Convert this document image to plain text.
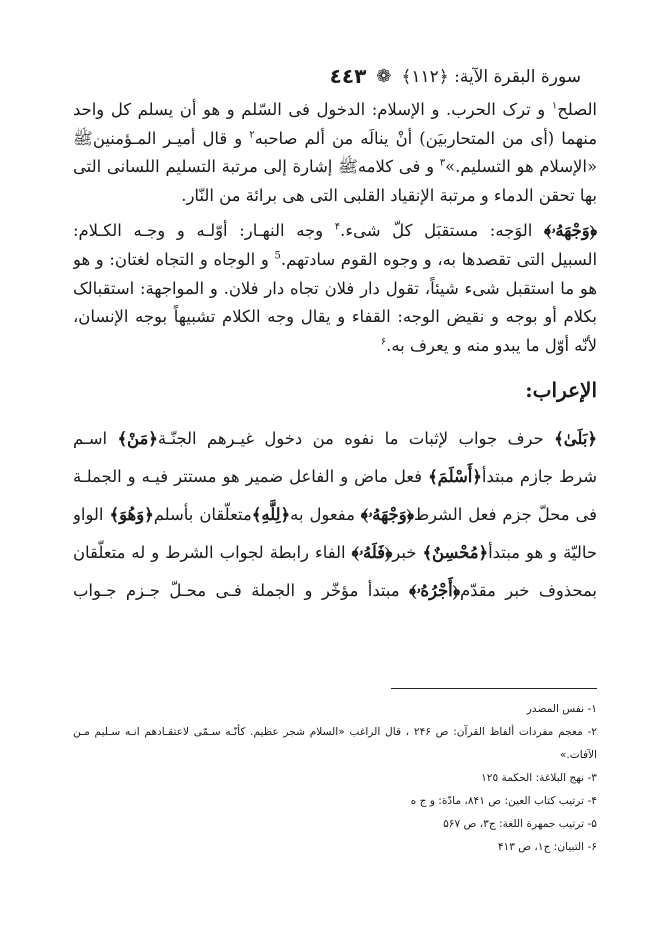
سورة البقرة الآية: ﴿١١٢﴾
❁
٤٤٣
الصلح$^١$ و ترک الحرب. و الإسلام: الدخول فى السّلم و هو أن يسلم كل واحد
منهما (أى من المتحاربيَن) أنْ ينالَه من ألم صاحبه$^٢$ و قال أميـر المـؤمنينﷺ
«الإسلام هو التسليم.»$^٣$ و فى كلامهﷺ إشارة إلى مرتبة التسليم اللسانى التى
بها تحقن الدماء و مرتبة الإنقياد القلبى التى هى برائة من النّار.
﴿وَجْهَهُۥ﴾ الوَجه: مستقبَل كلّ شىء.$^۴$ وجه النهـار: أوّلـه و وجـه الكـلام:
السبيل التى تقصدها به، و وجوه القوم سادتهم.$^5$ و الوجاه و التجاه لغتان: و هو
هو ما استقبل شىء شيئاً، تقول دار فلان تجاه دار فلان. و المواجهة: استقبالک
بكلام أو بوجه و نقيض الوجه: القفاء و يقال وجه الكلام تشبيهاً بوجه الإنسان،
لأنّه أوّل ما يبدو منه و يعرف به.$^۶$
الإعراب:
﴿بَلَىٰ﴾ حرف جواب لإثبات ما نفوه من دخول غيـرهم الجنّـة﴿مَنْ﴾ اسـم
شرط جازم مبتدأ﴿أَسْلَمَ﴾ فعل ماض و الفاعل ضمير هو مستتر فيـه و الجملـة
فى محلّ جزم فعل الشرط﴿وَجْهَهُۥ﴾ مفعول به﴿لِلَّهِ﴾متعلّقان بأسلم﴿وَهُوَ﴾ الواو
حاليّة و هو مبتدأ﴿مُحْسِنٌ﴾ خبر﴿فَلَهُۥ﴾ الفاء رابطة لجواب الشرط و له متعلّقان
بمحذوف خبر مقدّم﴿أَجْرُهُۥ﴾ مبتدأ مؤخّر و الجملة فـى محـلّ جـزم جـواب
١- نفس المصدر
٢- معجم مفردات ألفاظ القرآن: ص ٢۴۶ ، قال الراغب «السلام شجر عظيم. كأنّـه سـمّى لاعتقـادهم انـه سـليم مـن
الآفات.»
٣- نهج البلاغة: الحكمة ١٢٥
۴- ترتيب كتاب العين: ص ٨۴١، مادّة: و ج ه
۵- ترتيب جمهرة اللغة: ج٣، ص ۵۶٧
۶- التبيان: ج١، ص ۴١٣
